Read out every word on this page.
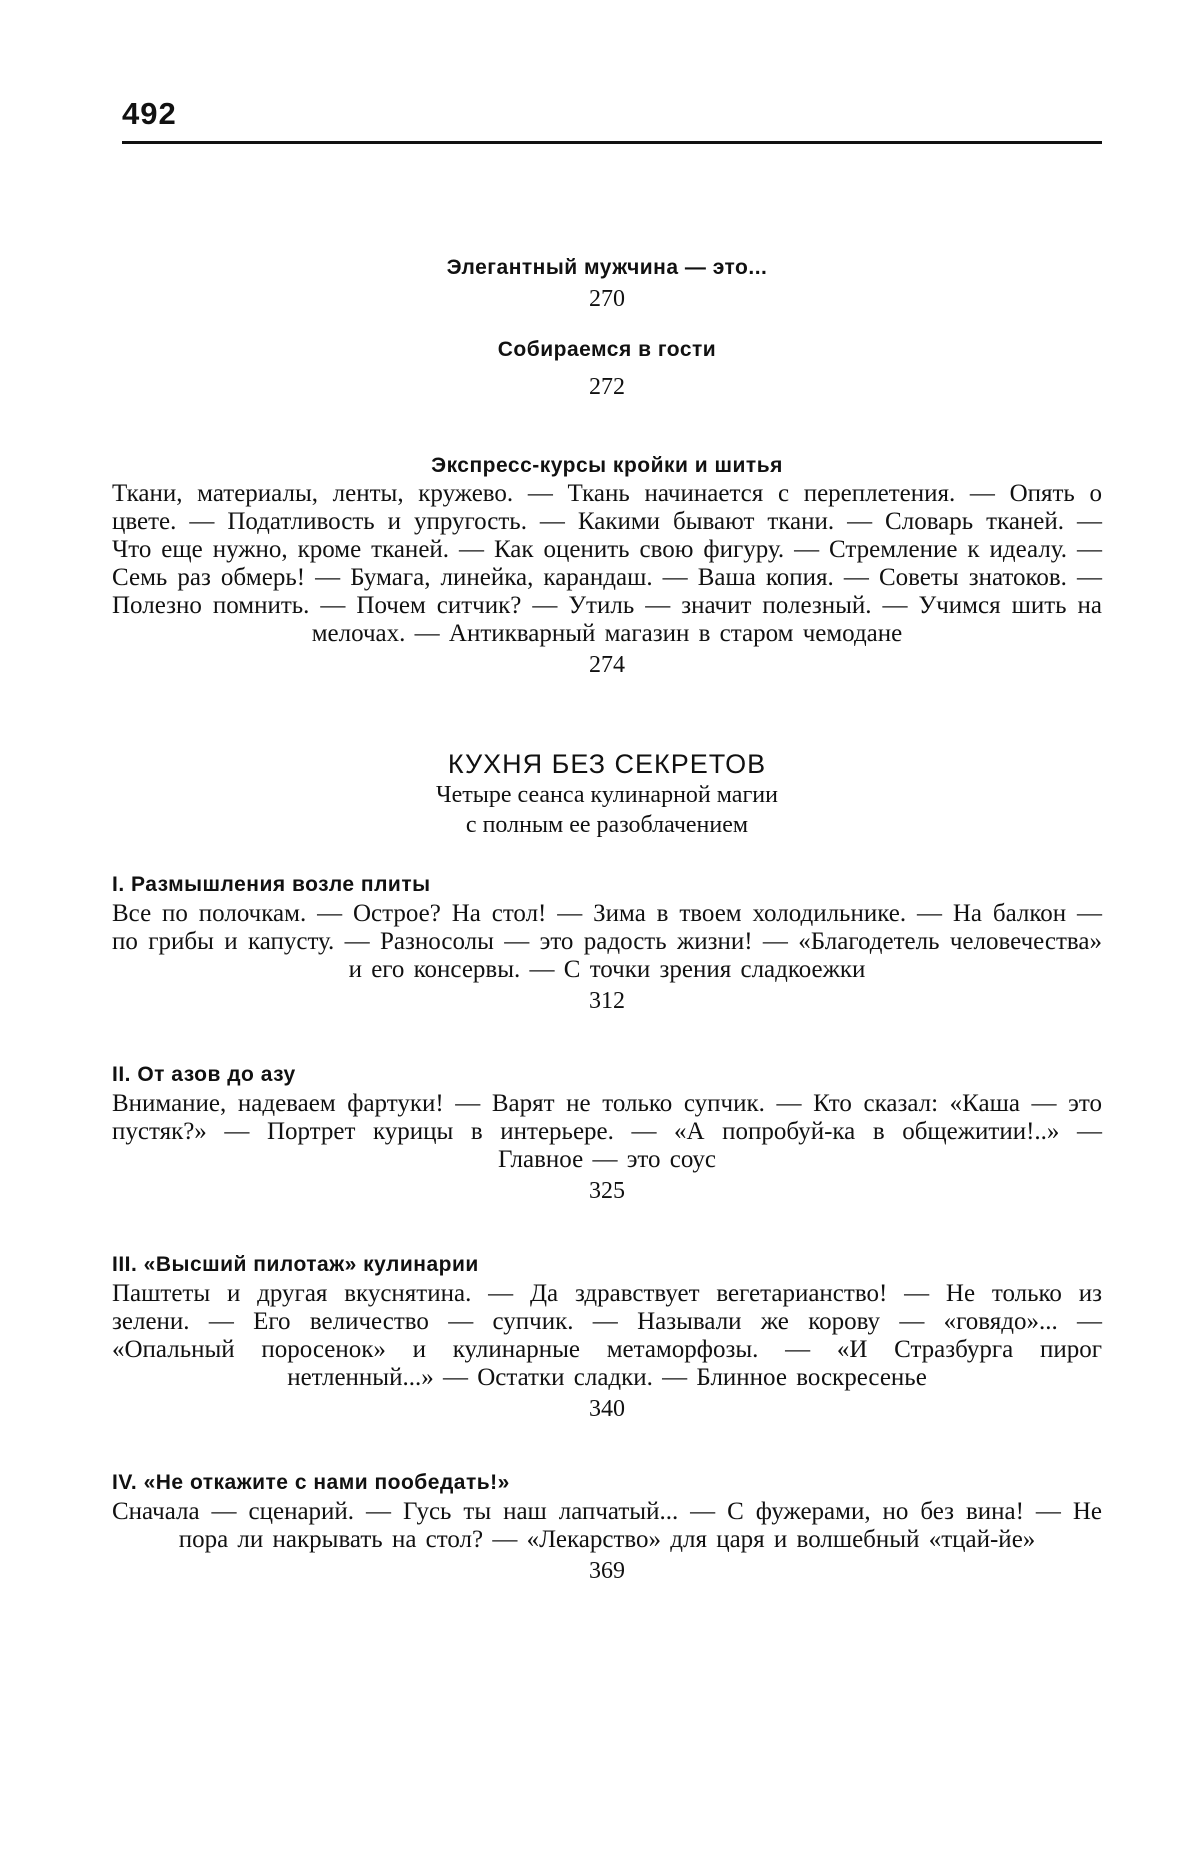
492
Элегантный мужчина — это...
270
Собираемся в гости
272
Экспресс-курсы кройки и шитья
Ткани, материалы, ленты, кружево. — Ткань начинается с переплетения. — Опять о цвете. — Податливость и упругость. — Какими бывают ткани. — Словарь тканей. — Что еще нужно, кроме тканей. — Как оценить свою фигуру. — Стремление к идеалу. — Семь раз обмерь! — Бумага, линейка, карандаш. — Ваша копия. — Советы знатоков. — Полезно помнить. — Почем ситчик? — Утиль — значит полезный. — Учимся шить на мелочах. — Антикварный магазин в старом чемодане
274
КУХНЯ БЕЗ СЕКРЕТОВ
Четыре сеанса кулинарной магии
с полным ее разоблачением
I. Размышления возле плиты
Все по полочкам. — Острое? На стол! — Зима в твоем холодильнике. — На балкон — по грибы и капусту. — Разносолы — это радость жизни! — «Благодетель человечества» и его консервы. — С точки зрения сладкоежки
312
II. От азов до азу
Внимание, надеваем фартуки! — Варят не только супчик. — Кто сказал: «Каша — это пустяк?» — Портрет курицы в интерьере. — «А попробуй-ка в общежитии!..» — Главное — это соус
325
III. «Высший пилотаж» кулинарии
Паштеты и другая вкуснятина. — Да здравствует вегетарианство! — Не только из зелени. — Его величество — супчик. — Называли же корову — «говядо»... — «Опальный поросенок» и кулинарные метаморфозы. — «И Стразбурга пирог нетленный...» — Остатки сладки. — Блинное воскресенье
340
IV. «Не откажите с нами пообедать!»
Сначала — сценарий. — Гусь ты наш лапчатый... — С фужерами, но без вина! — Не пора ли накрывать на стол? — «Лекарство» для царя и волшебный «тцай-йе»
369
